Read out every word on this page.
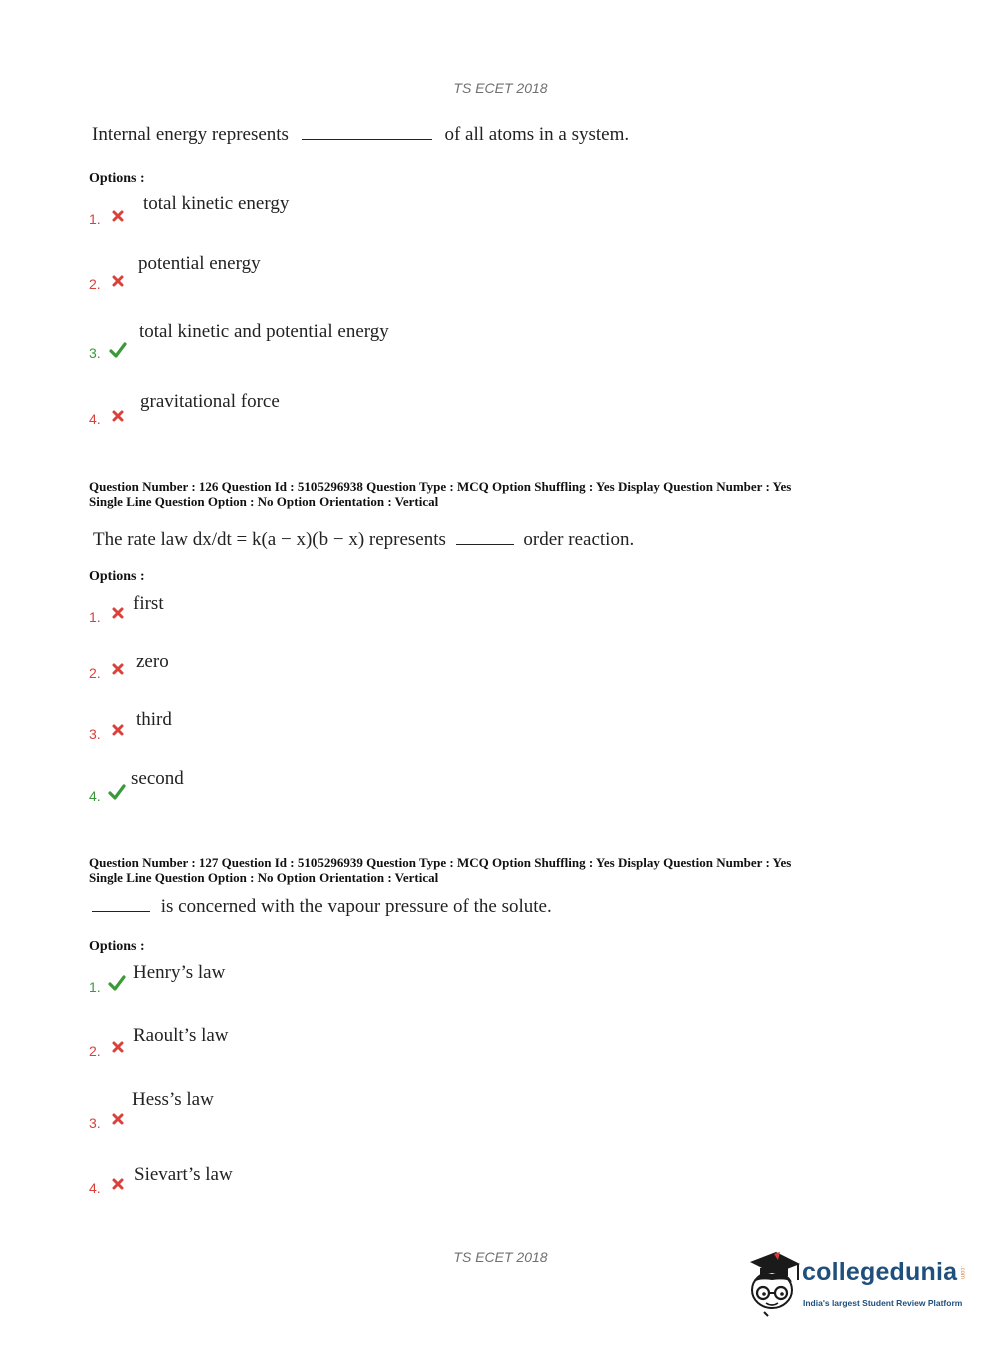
TS ECET 2018
Internal energy represents	of all atoms in a system.
Options :
1.
total kinetic energy
2.
potential energy
3.
total kinetic and potential energy
4.
gravitational force
Question Number : 126 Question Id : 5105296938 Question Type : MCQ Option Shuffling : Yes Display Question Number : Yes
Single Line Question Option : No Option Orientation : Vertical
The rate law dx/dt = k(a − x)(b − x) represents	order reaction.
Options :
1.
first
2.
zero
3.
third
4.
second
Question Number : 127 Question Id : 5105296939 Question Type : MCQ Option Shuffling : Yes Display Question Number : Yes
Single Line Question Option : No Option Orientation : Vertical
is concerned with the vapour pressure of the solute.
Options :
1.
Henry’s law
2.
Raoult’s law
3.
Hess’s law
4.
Sievart’s law
TS ECET 2018
collegedunia .com
India's largest Student Review Platform
